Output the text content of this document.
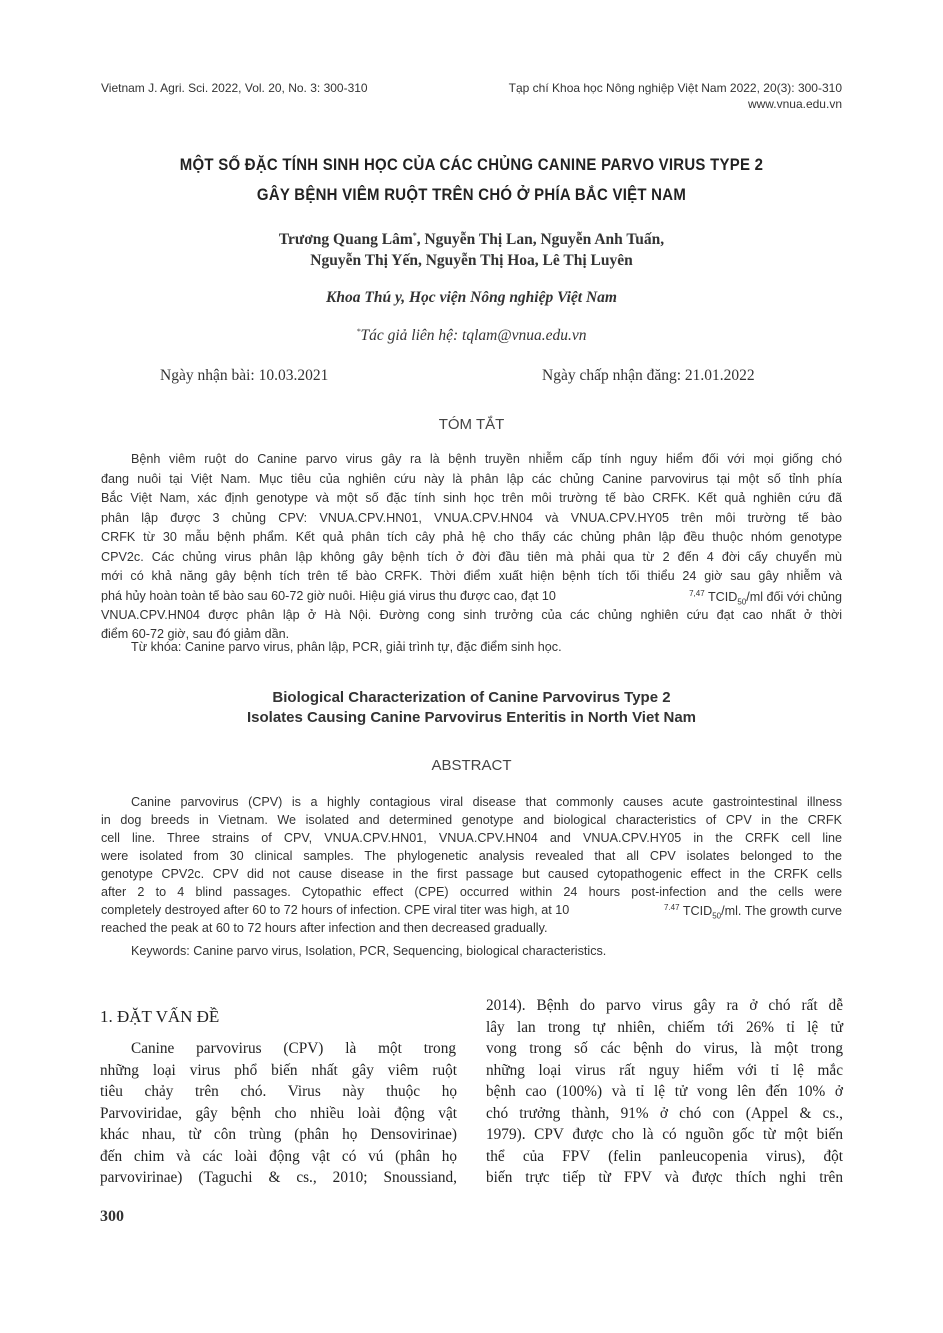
Vietnam J. Agri. Sci. 2022, Vol. 20, No. 3: 300-310	Tạp chí Khoa học Nông nghiệp Việt Nam 2022, 20(3): 300-310
www.vnua.edu.vn
MỘT SỐ ĐẶC TÍNH SINH HỌC CỦA CÁC CHỦNG CANINE PARVO VIRUS TYPE 2
GÂY BỆNH VIÊM RUỘT TRÊN CHÓ Ở PHÍA BẮC VIỆT NAM
Trương Quang Lâm*, Nguyễn Thị Lan, Nguyễn Anh Tuấn,
Nguyễn Thị Yến, Nguyễn Thị Hoa, Lê Thị Luyên
Khoa Thú y, Học viện Nông nghiệp Việt Nam
*Tác giả liên hệ: tqlam@vnua.edu.vn
Ngày nhận bài: 10.03.2021	Ngày chấp nhận đăng: 21.01.2022
TÓM TẮT
Bệnh viêm ruột do Canine parvo virus gây ra là bệnh truyền nhiễm cấp tính nguy hiểm đối với mọi giống chó
đang nuôi tại Việt Nam. Mục tiêu của nghiên cứu này là phân lập các chủng Canine parvovirus tại một số tỉnh phía
Bắc Việt Nam, xác định genotype và một số đặc tính sinh học trên môi trường tế bào CRFK. Kết quả nghiên cứu đã
phân lập được 3 chủng CPV: VNUA.CPV.HN01, VNUA.CPV.HN04 và VNUA.CPV.HY05 trên môi trường tế bào
CRFK từ 30 mẫu bệnh phẩm. Kết quả phân tích cây phả hệ cho thấy các chủng phân lập đều thuộc nhóm genotype
CPV2c. Các chủng virus phân lập không gây bệnh tích ở đời đầu tiên mà phải qua từ 2 đến 4 đời cấy chuyển mù
mới có khả năng gây bệnh tích trên tế bào CRFK. Thời điểm xuất hiện bệnh tích tối thiểu 24 giờ sau gây nhiễm và
phá hủy hoàn toàn tế bào sau 60-72 giờ nuôi. Hiệu giá virus thu được cao, đạt 10	$^{7,47}$ $TCID_{50}/ml$ đối với chủng
VNUA.CPV.HN04 được phân lập ở Hà Nội. Đường cong sinh trưởng của các chủng nghiên cứu đạt cao nhất ở thời
điểm 60-72 giờ, sau đó giảm dần.
Từ khóa: Canine parvo virus, phân lập, PCR, giải trình tự, đặc điểm sinh học.
Biological Characterization of Canine Parvovirus Type 2
Isolates Causing Canine Parvovirus Enteritis in North Viet Nam
ABSTRACT
Canine parvovirus (CPV) is a highly contagious viral disease that commonly causes acute gastrointestinal illness
in dog breeds in Vietnam. We isolated and determined genotype and biological characteristics of CPV in the CRFK
cell line. Three strains of CPV, VNUA.CPV.HN01, VNUA.CPV.HN04 and VNUA.CPV.HY05 in the CRFK cell line
were isolated from 30 clinical samples. The phylogenetic analysis revealed that all CPV isolates belonged to the
genotype CPV2c. CPV did not cause disease in the first passage but caused cytopathogenic effect in the CRFK cells
after 2 to 4 blind passages. Cytopathic effect (CPE) occurred within 24 hours post-infection and the cells were
completely destroyed after 60 to 72 hours of infection. CPE viral titer was high, at 10	$^{7.47}$ $TCID_{50}/ml$. The growth curve
reached the peak at 60 to 72 hours after infection and then decreased gradually.
Keywords: Canine parvo virus, Isolation, PCR, Sequencing, biological characteristics.
1. ĐẶT VẤN ĐỀ
Canine parvovirus (CPV) là một trong
những loại virus phổ biến nhất gây viêm ruột
tiêu chảy trên chó. Virus này thuộc họ
Parvoviridae, gây bệnh cho nhiều loài động vật
khác nhau, từ côn trùng (phân họ Densovirinae)
đến chim và các loài động vật có vú (phân họ
parvovirinae) (Taguchi & cs., 2010; Snoussiand,
2014). Bệnh do parvo virus gây ra ở chó rất dễ
lây lan trong tự nhiên, chiếm tới 26% tỉ lệ tử
vong trong số các bệnh do virus, là một trong
những loại virus rất nguy hiểm với tỉ lệ mắc
bệnh cao (100%) và tỉ lệ tử vong lên đến 10% ở
chó trưởng thành, 91% ở chó con (Appel & cs.,
1979). CPV được cho là có nguồn gốc từ một biến
thể của FPV (felin panleucopenia virus), đột
biến trực tiếp từ FPV và được thích nghi trên
300
